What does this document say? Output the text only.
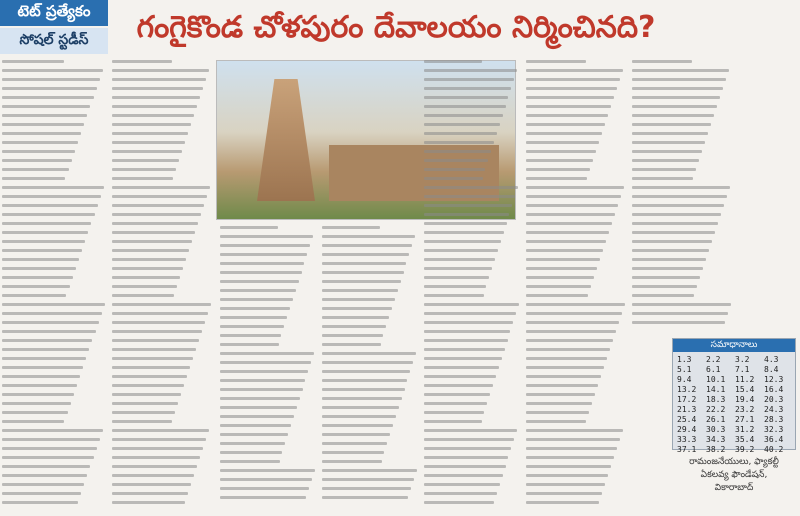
టెట్ ప్రత్యేకం
సోషల్ స్టడీస్	గంగైకొండ చోళపురం దేవాలయం నిర్మించినది?
సమాధానాలు
1.3	2.2	3.2	4.3
5.1	6.1	7.1	8.4
9.4	10.1	11.2	12.3
13.2	14.1	15.4	16.4
17.2	18.3	19.4	20.3
21.3	22.2	23.2	24.3
25.4	26.1	27.1	28.3
29.4	30.3	31.2	32.3
33.3	34.3	35.4	36.4
37.1	38.2	39.2	40.2
రామంజనేయులు, ఫ్యాకల్టీ
ఏకలవ్య ఫౌండేషన్,
వికారాబాద్
